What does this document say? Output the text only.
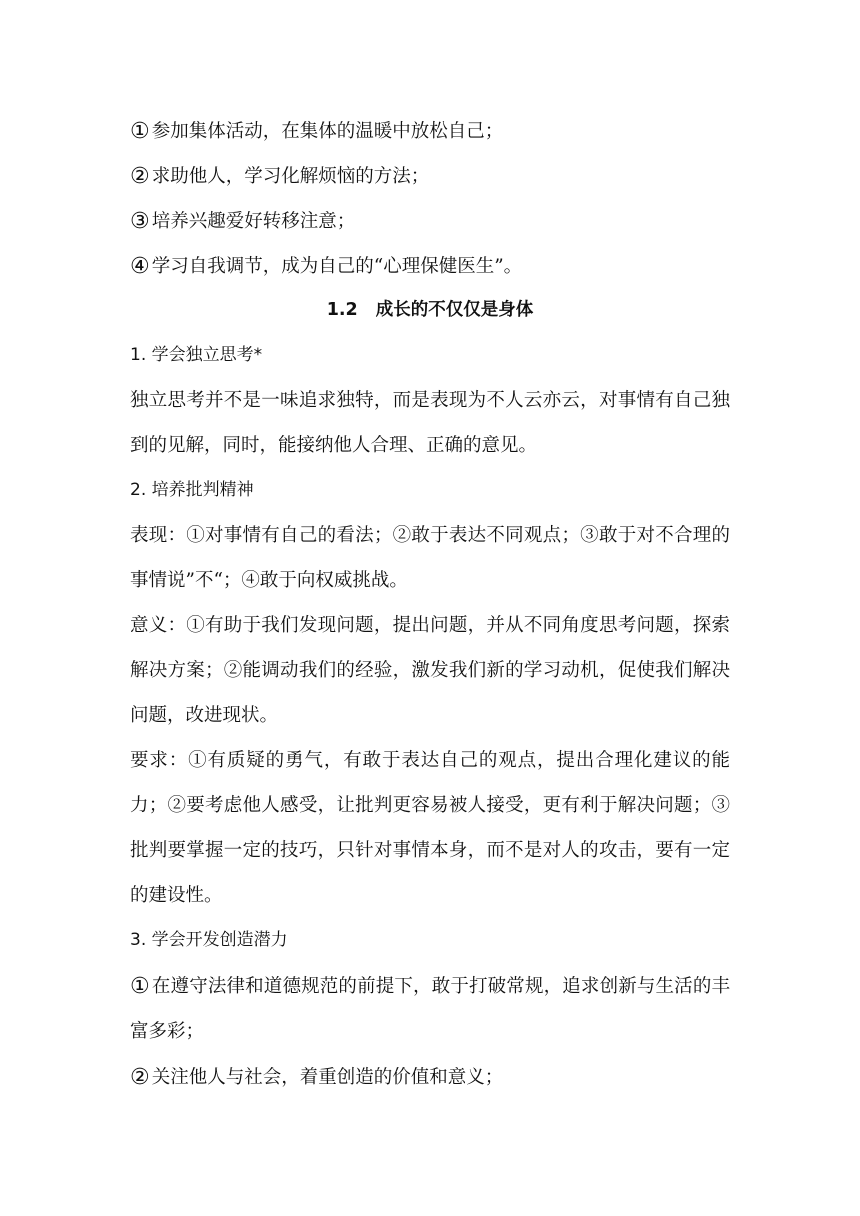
① 参加集体活动，在集体的温暖中放松自己；

② 求助他人，学习化解烦恼的方法；

③ 培养兴趣爱好转移注意；

④ 学习自我调节，成为自己的“心理保健医生”。

1.2 成长的不仅仅是身体

1. 学会独立思考*

独立思考并不是一味追求独特，而是表现为不人云亦云，对事情有自己独到的见解，同时，能接纳他人合理、正确的意见。

2. 培养批判精神

表现：①对事情有自己的看法；②敢于表达不同观点；③敢于对不合理的事情说”不“；④敢于向权威挑战。

意义：①有助于我们发现问题，提出问题，并从不同角度思考问题，探索解决方案；②能调动我们的经验，激发我们新的学习动机，促使我们解决问题，改进现状。

要求：①有质疑的勇气，有敢于表达自己的观点，提出合理化建议的能力；②要考虑他人感受，让批判更容易被人接受，更有利于解决问题；③批判要掌握一定的技巧，只针对事情本身，而不是对人的攻击，要有一定的建设性。

3. 学会开发创造潜力

① 在遵守法律和道德规范的前提下，敢于打破常规，追求创新与生活的丰富多彩；

② 关注他人与社会，着重创造的价值和意义；
